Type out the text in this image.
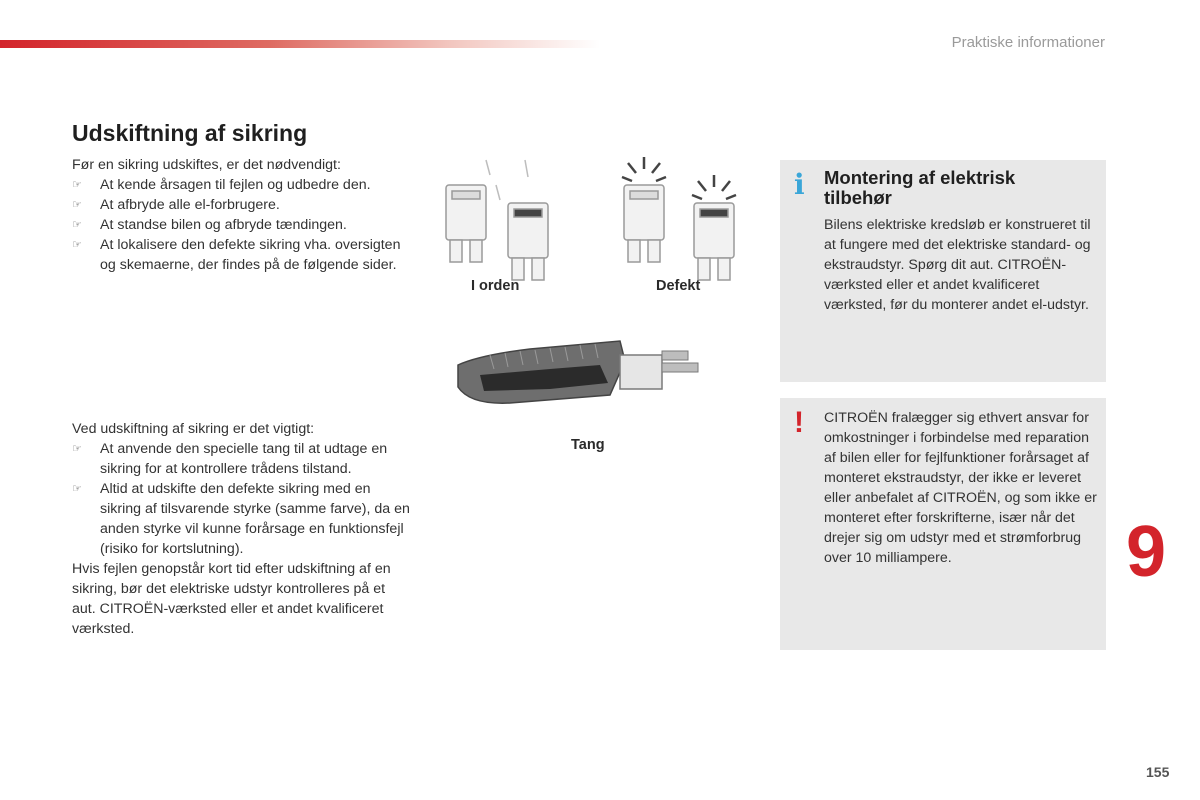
Praktiske informationer
Udskiftning af sikring

Før en sikring udskiftes, er det nødvendigt:

☞ At kende årsagen til fejlen og udbedre den.
☞ At afbryde alle el-forbrugere.
☞ At standse bilen og afbryde tændingen.
☞ At lokalisere den defekte sikring vha. oversigten og skemaerne, der findes på de følgende sider.
I orden	Defekt
Tang

Ved udskiftning af sikring er det vigtigt:

☞ At anvende den specielle tang til at udtage en sikring for at kontrollere trådens tilstand.
☞ Altid at udskifte den defekte sikring med en sikring af tilsvarende styrke (samme farve), da en anden styrke vil kunne forårsage en funktionsfejl (risiko for kortslutning).

Hvis fejlen genopstår kort tid efter udskiftning af en sikring, bør det elektriske udstyr kontrolleres på et aut. CITROËN-værksted eller et andet kvalificeret værksted.

i Montering af elektrisk tilbehør
Bilens elektriske kredsløb er konstrueret til at fungere med det elektriske standard- og ekstraudstyr. Spørg dit aut. CITROËN-værksted eller et andet kvalificeret værksted, før du monterer andet el-udstyr.
! CITROËN fralægger sig ethvert ansvar for omkostninger i forbindelse med reparation af bilen eller for fejlfunktioner forårsaget af monteret ekstraudstyr, der ikke er leveret eller anbefalet af CITROËN, og som ikke er monteret efter forskrifterne, især når det drejer sig om udstyr med et strømforbrug over 10 milliampere.	9
155
